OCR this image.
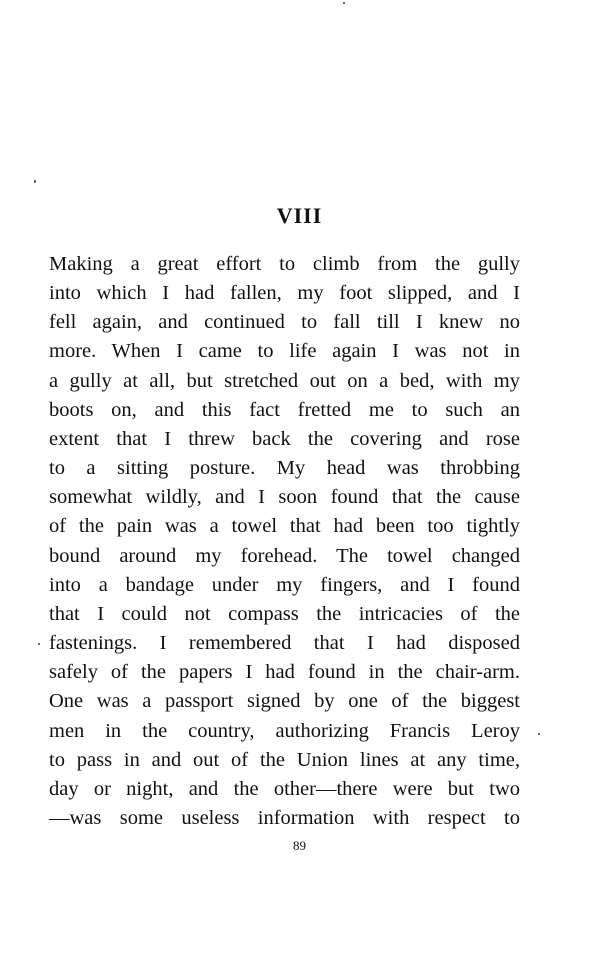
VIII
Making a great effort to climb from the gully
into which I had fallen, my foot slipped, and I
fell again, and continued to fall till I knew no
more. When I came to life again I was not in
a gully at all, but stretched out on a bed, with my
boots on, and this fact fretted me to such an
extent that I threw back the covering and rose
to a sitting posture. My head was throbbing
somewhat wildly, and I soon found that the cause
of the pain was a towel that had been too tightly
bound around my forehead. The towel changed
into a bandage under my fingers, and I found
that I could not compass the intricacies of the
fastenings. I remembered that I had disposed
safely of the papers I had found in the chair-arm.
One was a passport signed by one of the biggest
men in the country, authorizing Francis Leroy
to pass in and out of the Union lines at any time,
day or night, and the other—there were but two
—was some useless information with respect to

89
